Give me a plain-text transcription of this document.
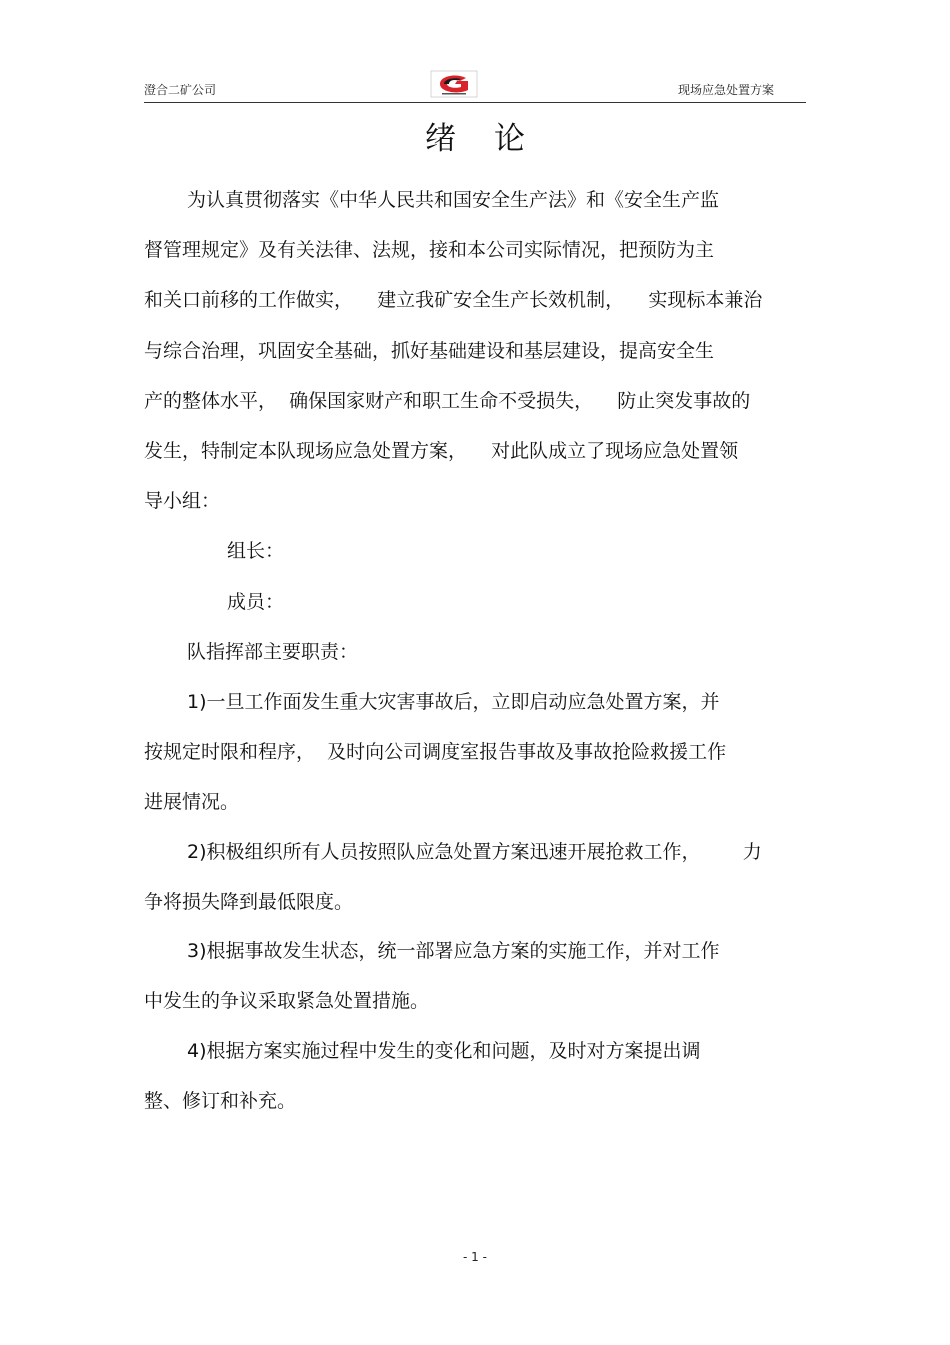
澄合二矿公司	现场应急处置方案
绪论
为认真贯彻落实《中华人民共和国安全生产法》和《安全生产监
督管理规定》及有关法律、法规，接和本公司实际情况，把预防为主
和关口前移的工作做实，    建立我矿安全生产长效机制，    实现标本兼治
与综合治理，巩固安全基础，抓好基础建设和基层建设，提高安全生
产的整体水平，  确保国家财产和职工生命不受损失，    防止突发事故的
发生，特制定本队现场应急处置方案，    对此队成立了现场应急处置领
导小组：
组长：
成员：
队指挥部主要职责：
1)一旦工作面发生重大灾害事故后，立即启动应急处置方案，并
按规定时限和程序，  及时向公司调度室报告事故及事故抢险救援工作
进展情况。
2)积极组织所有人员按照队应急处置方案迅速开展抢救工作，       力
争将损失降到最低限度。
3)根据事故发生状态，统一部署应急方案的实施工作，并对工作
中发生的争议采取紧急处置措施。
4)根据方案实施过程中发生的变化和问题，及时对方案提出调
整、修订和补充。
- 1 -
